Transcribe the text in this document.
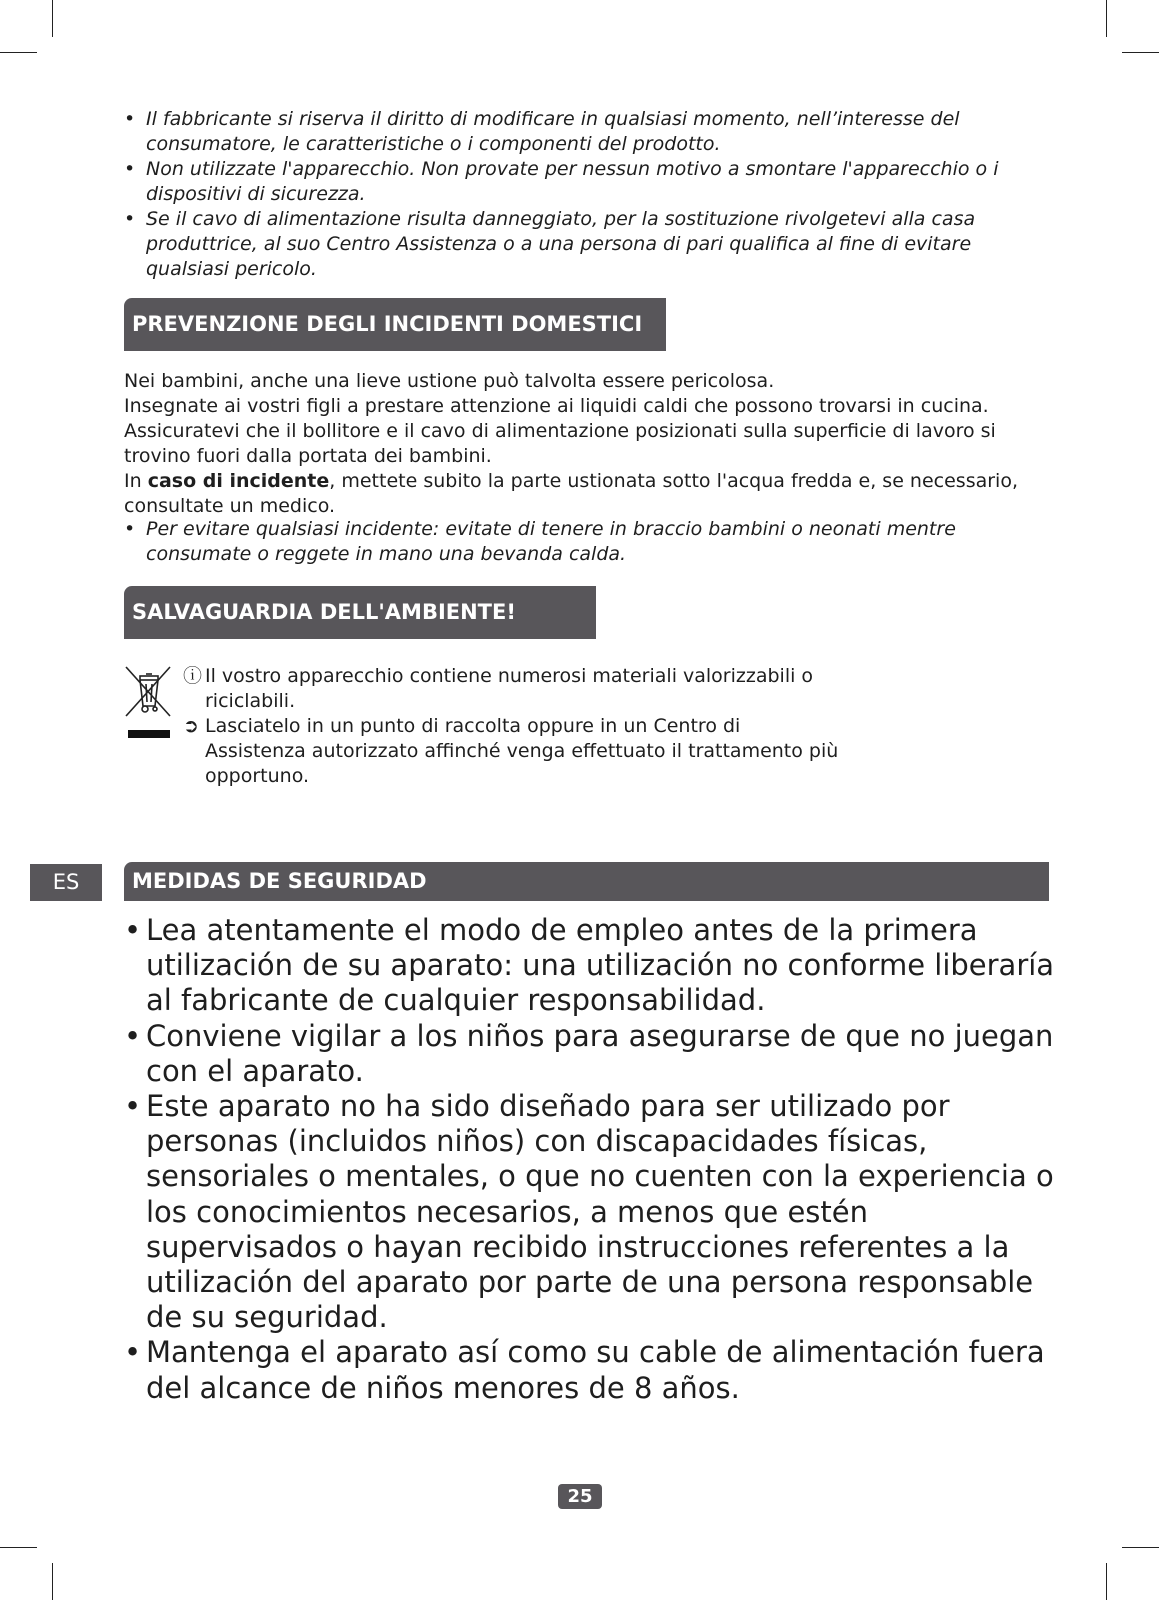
• Il fabbricante si riserva il diritto di modificare in qualsiasi momento, nell’interesse del consumatore, le caratteristiche o i componenti del prodotto.
• Non utilizzate l'apparecchio. Non provate per nessun motivo a smontare l'apparecchio o i dispositivi di sicurezza.
• Se il cavo di alimentazione risulta danneggiato, per la sostituzione rivolgetevi alla casa produttrice, al suo Centro Assistenza o a una persona di pari qualifica al fine di evitare qualsiasi pericolo.
PREVENZIONE DEGLI INCIDENTI DOMESTICI

Nei bambini, anche una lieve ustione può talvolta essere pericolosa.

Insegnate ai vostri figli a prestare attenzione ai liquidi caldi che possono trovarsi in cucina.

Assicuratevi che il bollitore e il cavo di alimentazione posizionati sulla superficie di lavoro si trovino fuori dalla portata dei bambini.

In caso di incidente, mettete subito la parte ustionata sotto l'acqua fredda e, se necessario, consultate un medico.

• Per evitare qualsiasi incidente: evitate di tenere in braccio bambini o neonati mentre consumate o reggete in mano una bevanda calda.
SALVAGUARDIA DELL'AMBIENTE!
ⓘ Il vostro apparecchio contiene numerosi materiali valorizzabili o riciclabili.
➲ Lasciatelo in un punto di raccolta oppure in un Centro di Assistenza autorizzato affinché venga effettuato il trattamento più opportuno.
ES	MEDIDAS DE SEGURIDAD
• Lea atentamente el modo de empleo antes de la primera utilización de su aparato: una utilización no conforme liberaría al fabricante de cualquier responsabilidad.
• Conviene vigilar a los niños para asegurarse de que no juegan con el aparato.
• Este aparato no ha sido diseñado para ser utilizado por personas (incluidos niños) con discapacidades físicas, sensoriales o mentales, o que no cuenten con la experiencia o los conocimientos necesarios, a menos que estén supervisados o hayan recibido instrucciones referentes a la utilización del aparato por parte de una persona responsable de su seguridad.
• Mantenga el aparato así como su cable de alimentación fuera del alcance de niños menores de 8 años.
25
